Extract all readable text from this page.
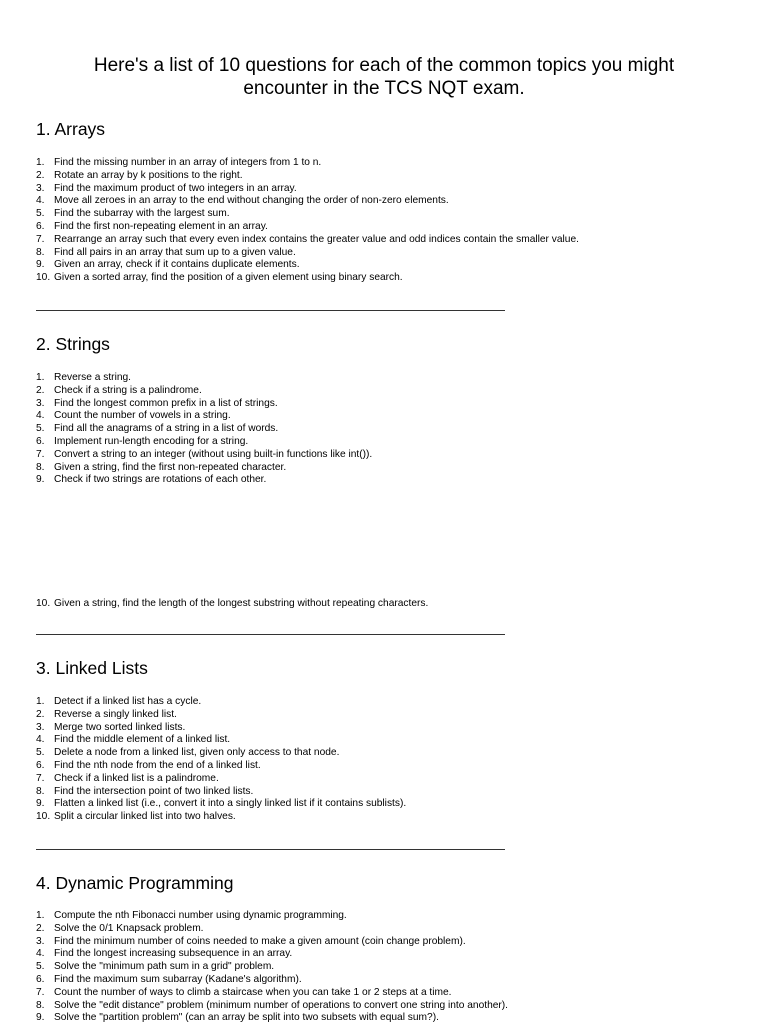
Here's a list of 10 questions for each of the common topics you might encounter in the TCS NQT exam.
1. Arrays
1. Find the missing number in an array of integers from 1 to n.
2. Rotate an array by k positions to the right.
3. Find the maximum product of two integers in an array.
4. Move all zeroes in an array to the end without changing the order of non-zero elements.
5. Find the subarray with the largest sum.
6. Find the first non-repeating element in an array.
7. Rearrange an array such that every even index contains the greater value and odd indices contain the smaller value.
8. Find all pairs in an array that sum up to a given value.
9. Given an array, check if it contains duplicate elements.
10. Given a sorted array, find the position of a given element using binary search.
2. Strings
1. Reverse a string.
2. Check if a string is a palindrome.
3. Find the longest common prefix in a list of strings.
4. Count the number of vowels in a string.
5. Find all the anagrams of a string in a list of words.
6. Implement run-length encoding for a string.
7. Convert a string to an integer (without using built-in functions like int()).
8. Given a string, find the first non-repeated character.
9. Check if two strings are rotations of each other.
10. Given a string, find the length of the longest substring without repeating characters.
3. Linked Lists
1. Detect if a linked list has a cycle.
2. Reverse a singly linked list.
3. Merge two sorted linked lists.
4. Find the middle element of a linked list.
5. Delete a node from a linked list, given only access to that node.
6. Find the nth node from the end of a linked list.
7. Check if a linked list is a palindrome.
8. Find the intersection point of two linked lists.
9. Flatten a linked list (i.e., convert it into a singly linked list if it contains sublists).
10. Split a circular linked list into two halves.
4. Dynamic Programming
1. Compute the nth Fibonacci number using dynamic programming.
2. Solve the 0/1 Knapsack problem.
3. Find the minimum number of coins needed to make a given amount (coin change problem).
4. Find the longest increasing subsequence in an array.
5. Solve the "minimum path sum in a grid" problem.
6. Find the maximum sum subarray (Kadane's algorithm).
7. Count the number of ways to climb a staircase when you can take 1 or 2 steps at a time.
8. Solve the "edit distance" problem (minimum number of operations to convert one string into another).
9. Solve the "partition problem" (can an array be split into two subsets with equal sum?).
